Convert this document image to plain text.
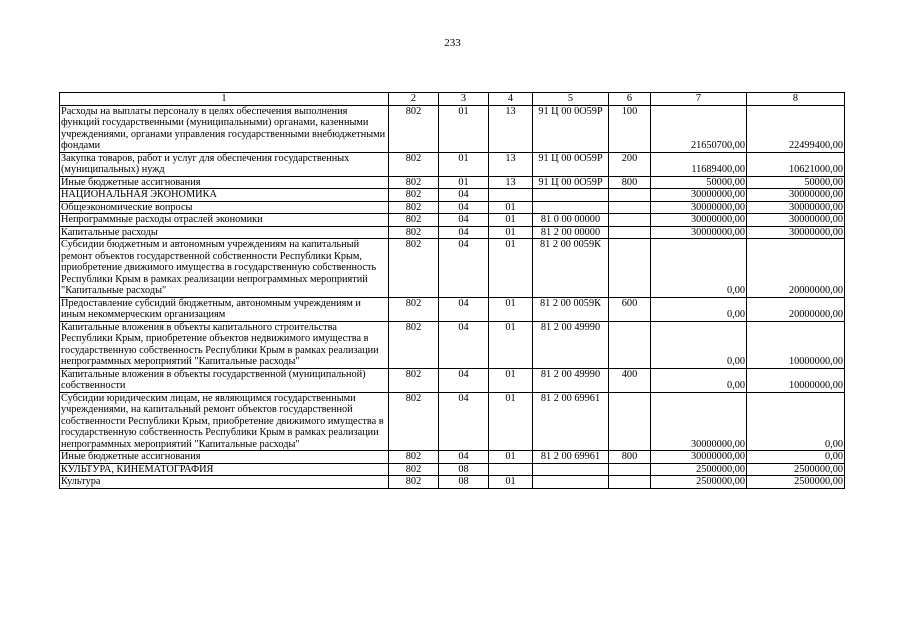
233
1	2	3	4	5	6	7	8
Расходы на выплаты персоналу в целях обеспечения выполнения функций государственными (муниципальными) органами, казенными учреждениями, органами управления государственными внебюджетными фондами	802	01	13	91 Ц 00 0О59Р	100	21650700,00	22499400,00
Закупка товаров, работ и услуг для обеспечения государственных (муниципальных) нужд	802	01	13	91 Ц 00 0О59Р	200	11689400,00	10621000,00
Иные бюджетные ассигнования	802	01	13	91 Ц 00 0О59Р	800	50000,00	50000,00
НАЦИОНАЛЬНАЯ ЭКОНОМИКА	802	04				30000000,00	30000000,00
Общеэкономические вопросы	802	04	01			30000000,00	30000000,00
Непрограммные расходы отраслей экономики	802	04	01	81 0 00 00000		30000000,00	30000000,00
Капитальные расходы	802	04	01	81 2 00 00000		30000000,00	30000000,00
Субсидии бюджетным и автономным учреждениям на капитальный ремонт объектов государственной собственности Республики Крым, приобретение движимого имущества в государственную собственность Республики Крым в рамках реализации непрограммных мероприятий "Капитальные расходы"	802	04	01	81 2 00 0059К		0,00	20000000,00
Предоставление субсидий бюджетным, автономным учреждениям и иным некоммерческим организациям	802	04	01	81 2 00 0059К	600	0,00	20000000,00
Капитальные вложения в объекты капитального строительства Республики Крым, приобретение объектов недвижимого имущества в государственную собственность Республики Крым в рамках реализации непрограммных мероприятий "Капитальные расходы"	802	04	01	81 2 00 49990		0,00	10000000,00
Капитальные вложения в объекты государственной (муниципальной) собственности	802	04	01	81 2 00 49990	400	0,00	10000000,00
Субсидии юридическим лицам, не являющимся государственными учреждениями, на капитальный ремонт объектов государственной собственности Республики Крым, приобретение движимого имущества в государственную собственность Республики Крым в рамках реализации непрограммных мероприятий "Капитальные расходы"	802	04	01	81 2 00 69961		30000000,00	0,00
Иные бюджетные ассигнования	802	04	01	81 2 00 69961	800	30000000,00	0,00
КУЛЬТУРА, КИНЕМАТОГРАФИЯ	802	08				2500000,00	2500000,00
Культура	802	08	01			2500000,00	2500000,00
